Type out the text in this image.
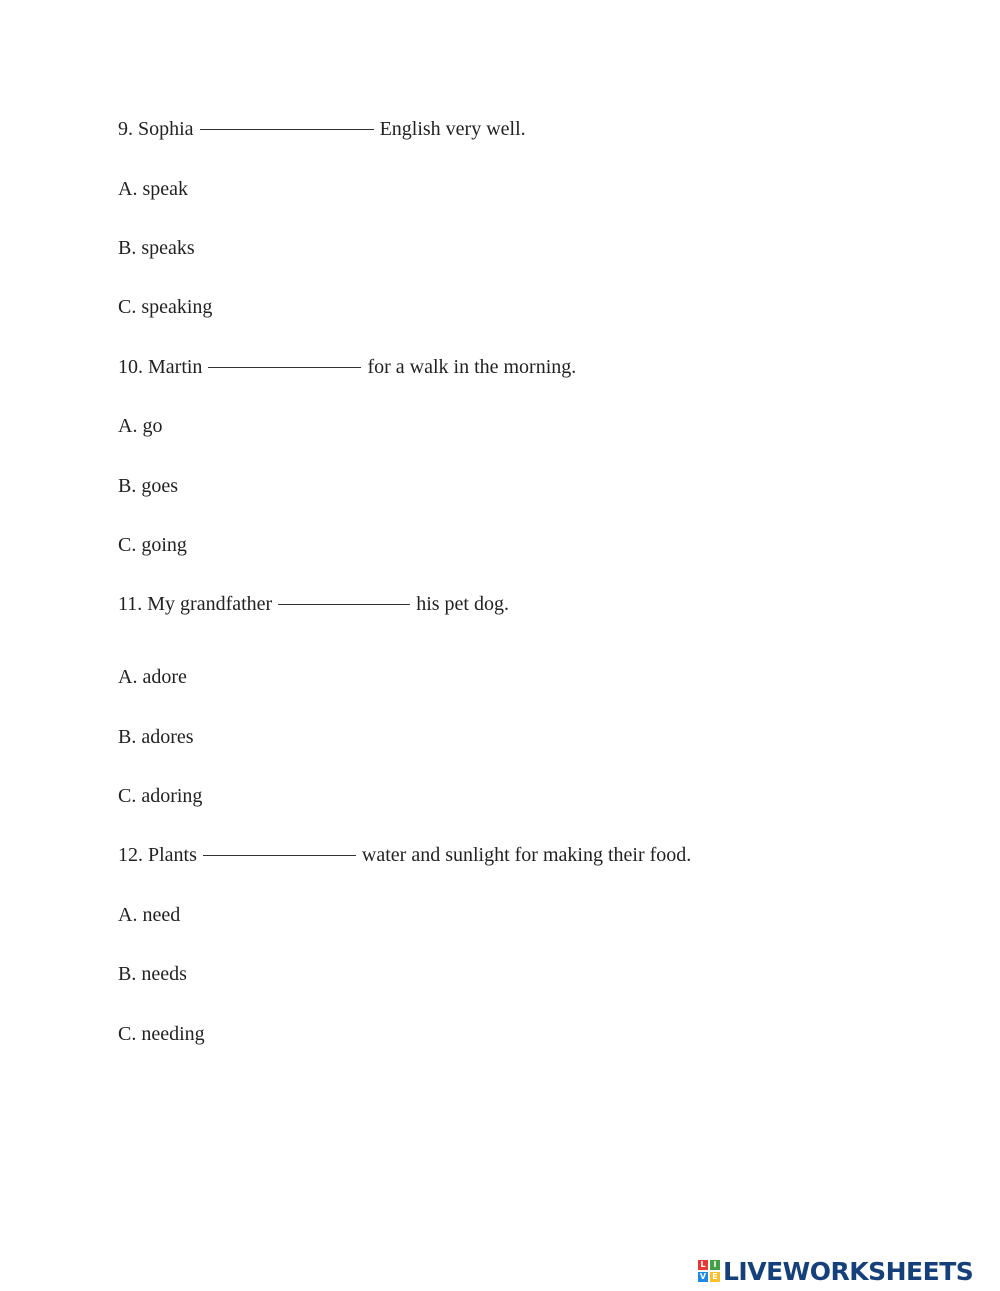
9. Sophia	English very well.
A. speak
B. speaks
C. speaking
10. Martin	for a walk in the morning.
A. go
B. goes
C. going
11. My grandfather	his pet dog.
A. adore
B. adores
C. adoring
12. Plants	water and sunlight for making their food.
A. need
B. needs
C. needing
L I
V E LIVEWORKSHEETS
